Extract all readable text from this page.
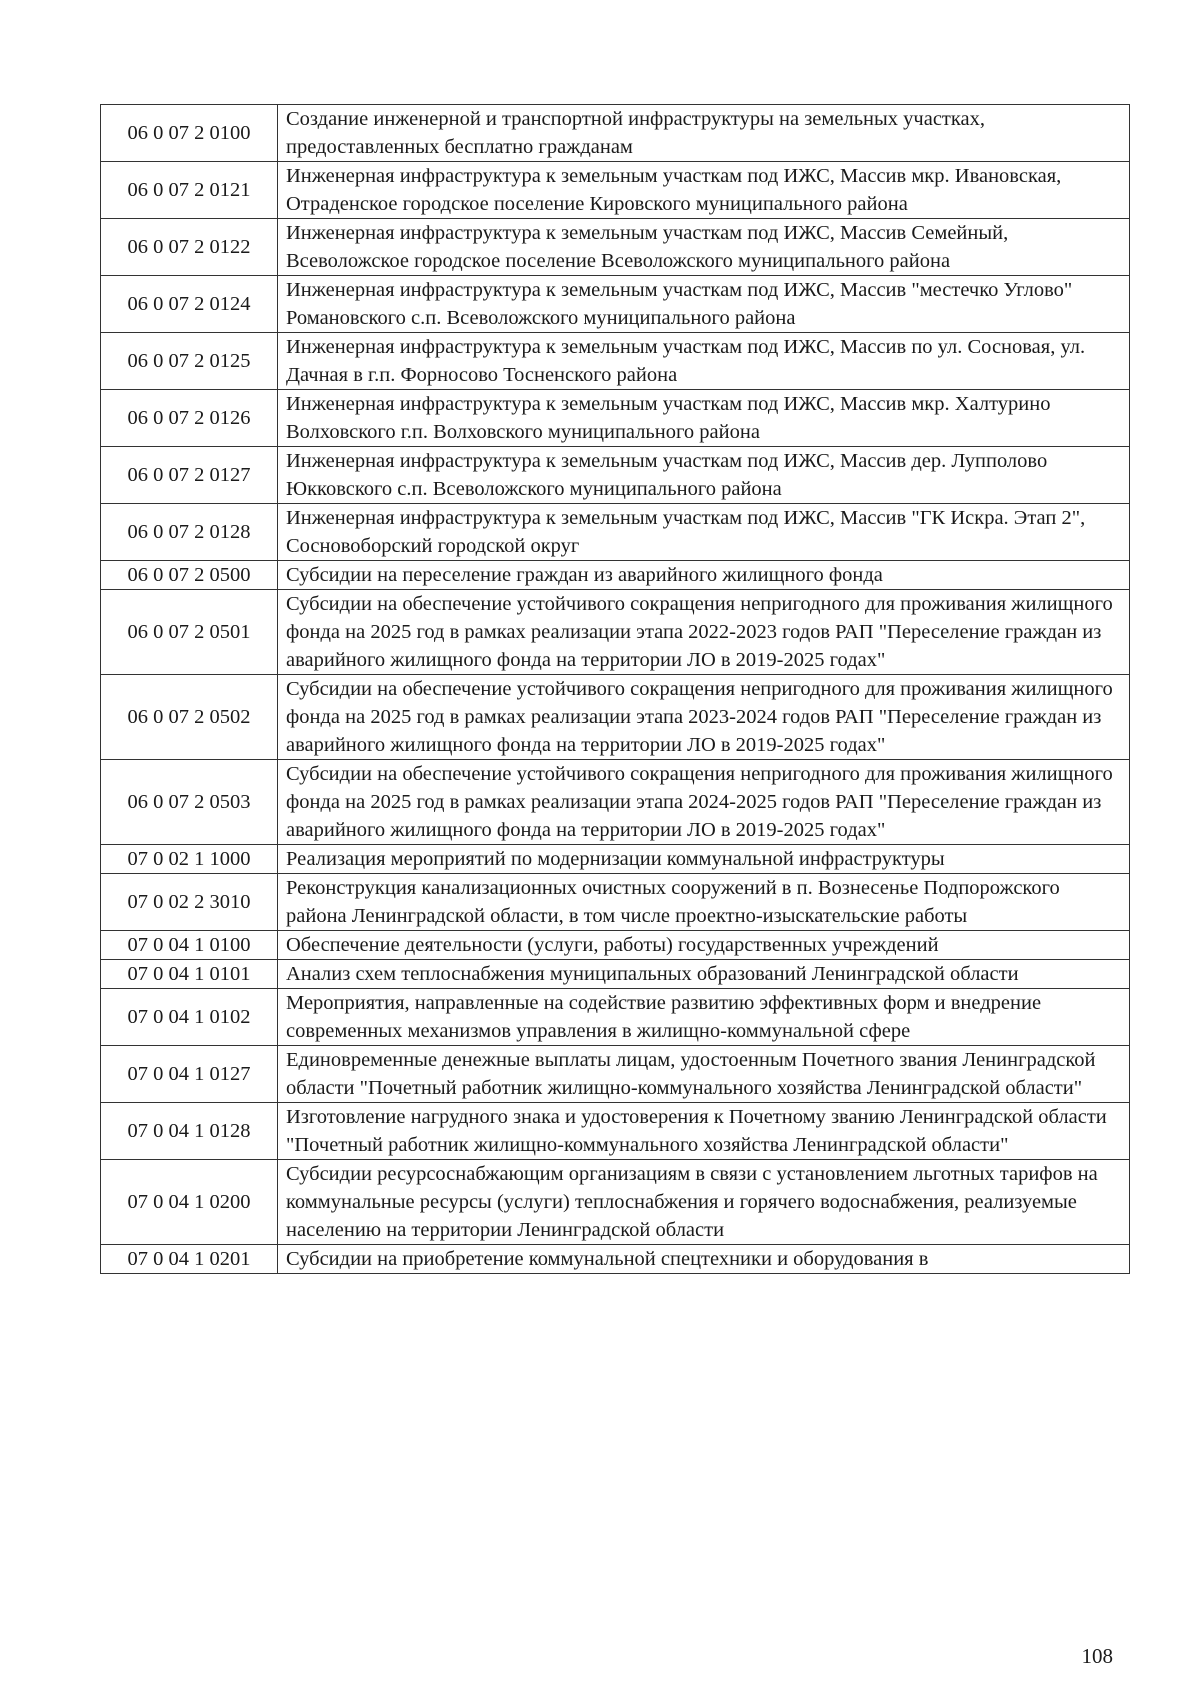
06 0 07 2 0100	Создание инженерной и транспортной инфраструктуры на земельных участках, предоставленных бесплатно гражданам
06 0 07 2 0121	Инженерная инфраструктура к земельным участкам под ИЖС, Массив мкр. Ивановская, Отраденское городское поселение Кировского муниципального района
06 0 07 2 0122	Инженерная инфраструктура к земельным участкам под ИЖС, Массив Семейный, Всеволожское городское поселение Всеволожского муниципального района
06 0 07 2 0124	Инженерная инфраструктура к земельным участкам под ИЖС, Массив "местечко Углово" Романовского с.п. Всеволожского муниципального района
06 0 07 2 0125	Инженерная инфраструктура к земельным участкам под ИЖС, Массив по ул. Сосновая, ул. Дачная в г.п. Форносово Тосненского района
06 0 07 2 0126	Инженерная инфраструктура к земельным участкам под ИЖС, Массив мкр. Халтурино Волховского г.п. Волховского муниципального района
06 0 07 2 0127	Инженерная инфраструктура к земельным участкам под ИЖС, Массив дер. Лупполово Юкковского с.п. Всеволожского муниципального района
06 0 07 2 0128	Инженерная инфраструктура к земельным участкам под ИЖС, Массив "ГК Искра. Этап 2", Сосновоборский городской округ
06 0 07 2 0500	Субсидии на переселение граждан из аварийного жилищного фонда
06 0 07 2 0501	Субсидии на обеспечение устойчивого сокращения непригодного для проживания жилищного фонда на 2025 год в рамках реализации этапа 2022-2023 годов РАП "Переселение граждан из аварийного жилищного фонда на территории ЛО в 2019-2025 годах"
06 0 07 2 0502	Субсидии на обеспечение устойчивого сокращения непригодного для проживания жилищного фонда на 2025 год в рамках реализации этапа 2023-2024 годов РАП "Переселение граждан из аварийного жилищного фонда на территории ЛО в 2019-2025 годах"
06 0 07 2 0503	Субсидии на обеспечение устойчивого сокращения непригодного для проживания жилищного фонда на 2025 год в рамках реализации этапа 2024-2025 годов РАП "Переселение граждан из аварийного жилищного фонда на территории ЛО в 2019-2025 годах"
07 0 02 1 1000	Реализация мероприятий по модернизации коммунальной инфраструктуры
07 0 02 2 3010	Реконструкция канализационных очистных сооружений в п. Вознесенье Подпорожского района Ленинградской области, в том числе проектно-изыскательские работы
07 0 04 1 0100	Обеспечение деятельности (услуги, работы) государственных учреждений
07 0 04 1 0101	Анализ схем теплоснабжения муниципальных образований Ленинградской области
07 0 04 1 0102	Мероприятия, направленные на содействие развитию эффективных форм и внедрение современных механизмов управления в жилищно-коммунальной сфере
07 0 04 1 0127	Единовременные денежные выплаты лицам, удостоенным Почетного звания Ленинградской области "Почетный работник жилищно-коммунального хозяйства Ленинградской области"
07 0 04 1 0128	Изготовление нагрудного знака и удостоверения к Почетному званию Ленинградской области "Почетный работник жилищно-коммунального хозяйства Ленинградской области"
07 0 04 1 0200	Субсидии ресурсоснабжающим организациям в связи с установлением льготных тарифов на коммунальные ресурсы (услуги) теплоснабжения и горячего водоснабжения, реализуемые населению на территории Ленинградской области
07 0 04 1 0201	Субсидии на приобретение коммунальной спецтехники и оборудования в
108
